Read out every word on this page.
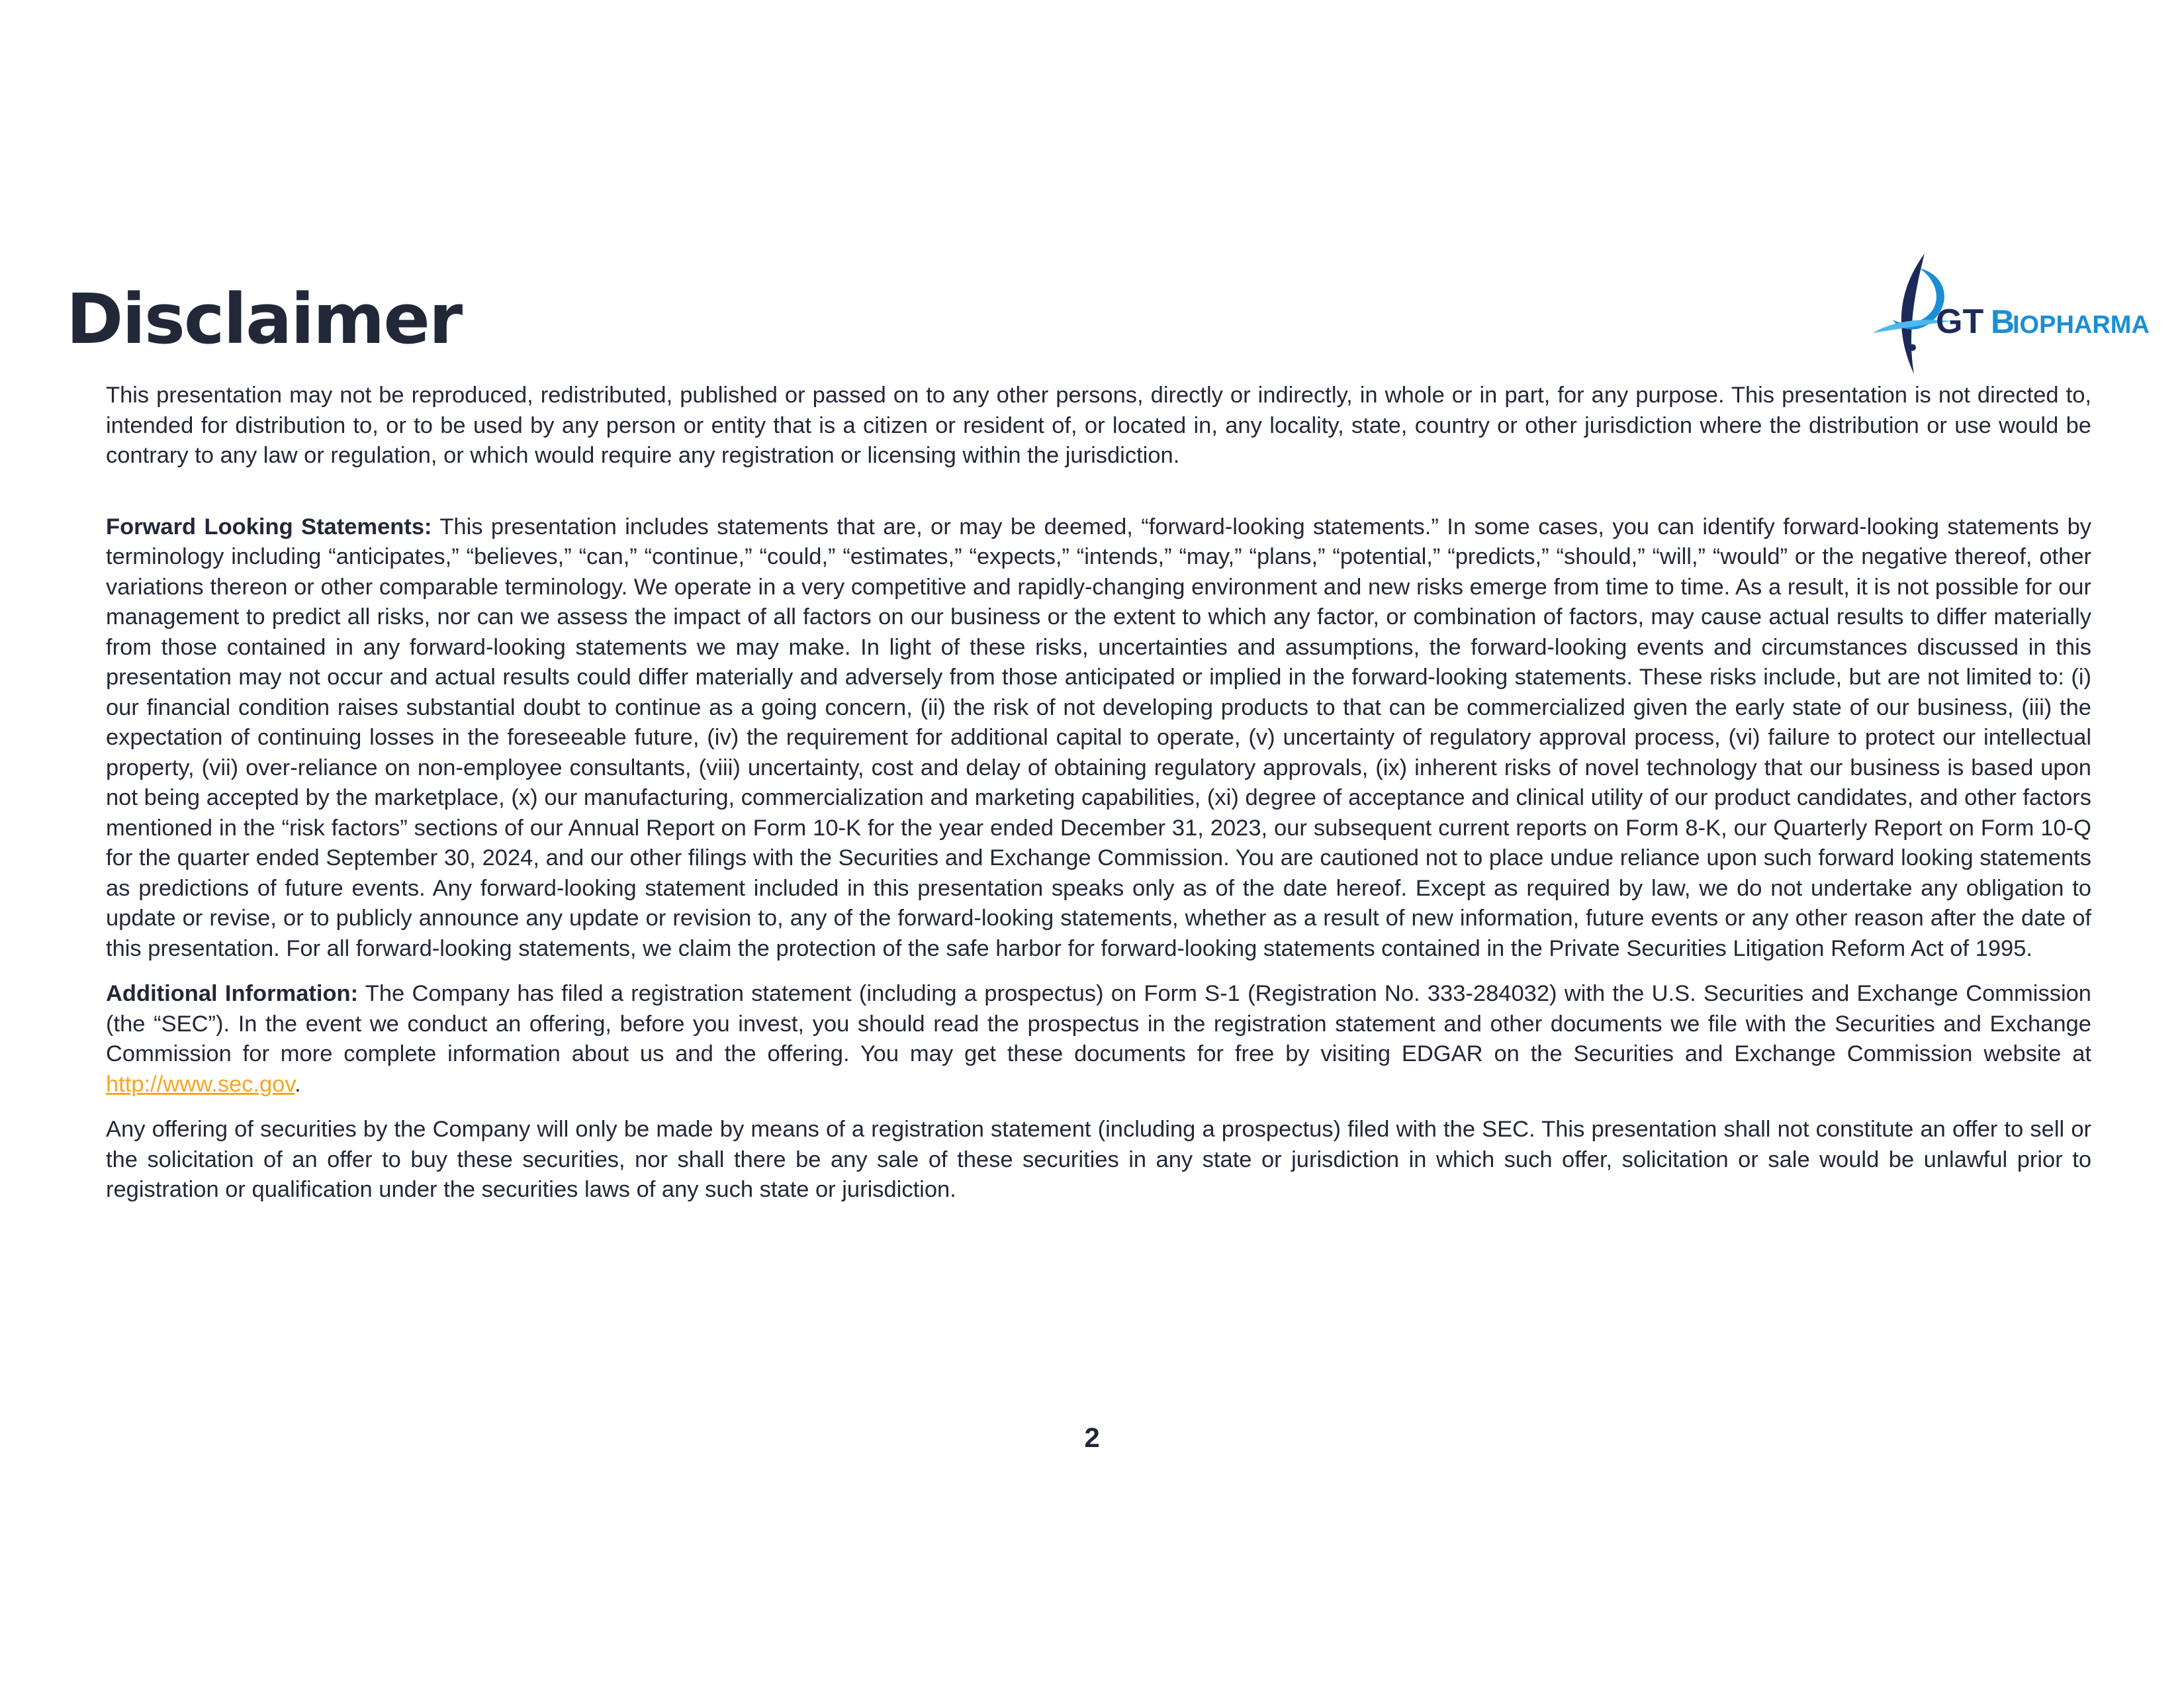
Disclaimer	GT B
IOPHARMA

This presentation may not be reproduced, redistributed, published or passed on to any other persons, directly or indirectly, in whole or in part, for any purpose. This presentation is not directed to, intended for distribution to, or to be used by any person or entity that is a citizen or resident of, or located in, any locality, state, country or other jurisdiction where the distribution or use would be contrary to any law or regulation, or which would require any registration or licensing within the jurisdiction.

Forward Looking Statements: This presentation includes statements that are, or may be deemed, “forward-looking statements.” In some cases, you can identify forward-looking statements by terminology including “anticipates,” “believes,” “can,” “continue,” “could,” “estimates,” “expects,” “intends,” “may,” “plans,” “potential,” “predicts,” “should,” “will,” “would” or the negative thereof, other variations thereon or other comparable terminology. We operate in a very competitive and rapidly-changing environment and new risks emerge from time to time. As a result, it is not possible for our management to predict all risks, nor can we assess the impact of all factors on our business or the extent to which any factor, or combination of factors, may cause actual results to differ materially from those contained in any forward-looking statements we may make. In light of these risks, uncertainties and assumptions, the forward-looking events and circumstances discussed in this presentation may not occur and actual results could differ materially and adversely from those anticipated or implied in the forward-looking statements. These risks include, but are not limited to: (i) our financial condition raises substantial doubt to continue as a going concern, (ii) the risk of not developing products to that can be commercialized given the early state of our business, (iii) the expectation of continuing losses in the foreseeable future, (iv) the requirement for additional capital to operate, (v) uncertainty of regulatory approval process, (vi) failure to protect our intellectual property, (vii) over-reliance on non-employee consultants, (viii) uncertainty, cost and delay of obtaining regulatory approvals, (ix) inherent risks of novel technology that our business is based upon not being accepted by the marketplace, (x) our manufacturing, commercialization and marketing capabilities, (xi) degree of acceptance and clinical utility of our product candidates, and other factors mentioned in the “risk factors” sections of our Annual Report on Form 10-K for the year ended December 31, 2023, our subsequent current reports on Form 8-K, our Quarterly Report on Form 10-Q for the quarter ended September 30, 2024, and our other filings with the Securities and Exchange Commission. You are cautioned not to place undue reliance upon such forward looking statements as predictions of future events. Any forward-looking statement included in this presentation speaks only as of the date hereof. Except as required by law, we do not undertake any obligation to update or revise, or to publicly announce any update or revision to, any of the forward-looking statements, whether as a result of new information, future events or any other reason after the date of this presentation. For all forward-looking statements, we claim the protection of the safe harbor for forward-looking statements contained in the Private Securities Litigation Reform Act of 1995.

Additional Information: The Company has filed a registration statement (including a prospectus) on Form S-1 (Registration No. 333-284032) with the U.S. Securities and Exchange Commission (the “SEC”). In the event we conduct an offering, before you invest, you should read the prospectus in the registration statement and other documents we file with the Securities and Exchange Commission for more complete information about us and the offering. You may get these documents for free by visiting EDGAR on the Securities and Exchange Commission website at http://www.sec.gov.

Any offering of securities by the Company will only be made by means of a registration statement (including a prospectus) filed with the SEC. This presentation shall not constitute an offer to sell or the solicitation of an offer to buy these securities, nor shall there be any sale of these securities in any state or jurisdiction in which such offer, solicitation or sale would be unlawful prior to registration or qualification under the securities laws of any such state or jurisdiction.

2
